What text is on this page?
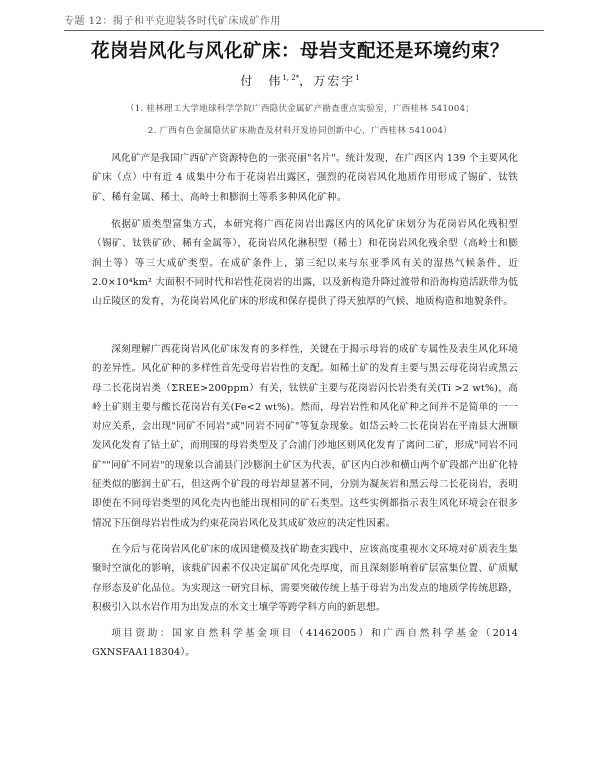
专题 12：揭子和平克迎装各时代矿床成矿作用
花岗岩风化与风化矿床：母岩支配还是环境约束？
付　伟$^{1, 2*}$，万宏宇$^1$
（1. 桂林理工大学地球科学学院广西隐伏金属矿产勘查重点实验室，广西桂林 541004；
2. 广西有色金属隐伏矿床勘查及材料开发协同创新中心，广西桂林 541004）

风化矿产是我国广西矿产资源特色的一张亮丽"名片"。统计发现，在广西区内 139 个主要风化矿床（点）中有近 4 成集中分布于花岗岩出露区，强烈的花岗岩风化地质作用形成了锡矿、钛铁矿、稀有金属、稀土、高岭土和膨润土等系多种风化矿种。

依据矿质类型富集方式，本研究将广西花岗岩出露区内的风化矿床划分为花岗岩风化残积型（锡矿、钛铁矿砂、稀有金属等），花岗岩风化淋积型（稀土）和花岗岩风化残余型（高岭土和膨润土等）等三大成矿类型。在成矿条件上，第三纪以来与东亚季风有关的湿热气候条件，近 2.0×10⁴km² 大面积不同时代和岩性花岗岩的出露，以及新构造升降过渡带和沿海构造活跃带为低山丘陵区的发育，为花岗岩风化矿床的形成和保存提供了得天独厚的气候、地质构造和地貌条件。

深刻理解广西花岗岩风化矿床发育的多样性，关键在于揭示母岩的成矿专属性及表生风化环境的差异性。风化矿种的多样性首先受母岩岩性的支配。如稀土矿的发育主要与黑云母花岗岩或黑云母二长花岗岩类（ΣREE>200ppm）有关，钛铁矿主要与花岗岩闪长岩类有关(Ti >2 wt%)，高岭土矿则主要与酸长花岗岩有关(Fe<2 wt%)。然而，母岩岩性和风化矿种之间并不是简单的一一对应关系，会出现"同矿不同岩"或"同岩不同矿"等复杂现象。如岱云岭二长花岗岩在平南县大洲顺发风化发育了钴土矿，而刑围的母岩类型及了合浦门沙地区则风化发育了离问二矿，形成"同岩不同矿""同矿不同岩"的现象以合浦县门沙膨润土矿区为代表，矿区内白沙和横山两个矿段都产出矿化特征类似的膨润土矿石，但这两个矿段的母岩却显著不同，分别为凝灰岩和黑云母二长花岗岩，表明即使在不同母岩类型的风化壳内也能出现相同的矿石类型。这些实例都指示表生风化环境会在很多情况下压倒母岩岩性成为约束花岗岩风化及其成矿效应的决定性因素。

在今后与花岗岩风化矿床的成因建模及找矿勘查实践中，应该高度重视水文环境对矿质表生集聚时空演化的影响，该载矿因素不仅决定属矿风化壳厚度，而且深刻影响着矿层富集位置、矿质赋存形态及矿化品位。为实现这一研究目标，需要突破传统上基于母岩为出发点的地质学传统思路，积极引入以水岩作用为出发点的水文土壤学等跨学科方向的新思想。

项目资助：国家自然科学基金项目（41462005）和广西自然科学基金（2014 GXNSFAA118304）。
